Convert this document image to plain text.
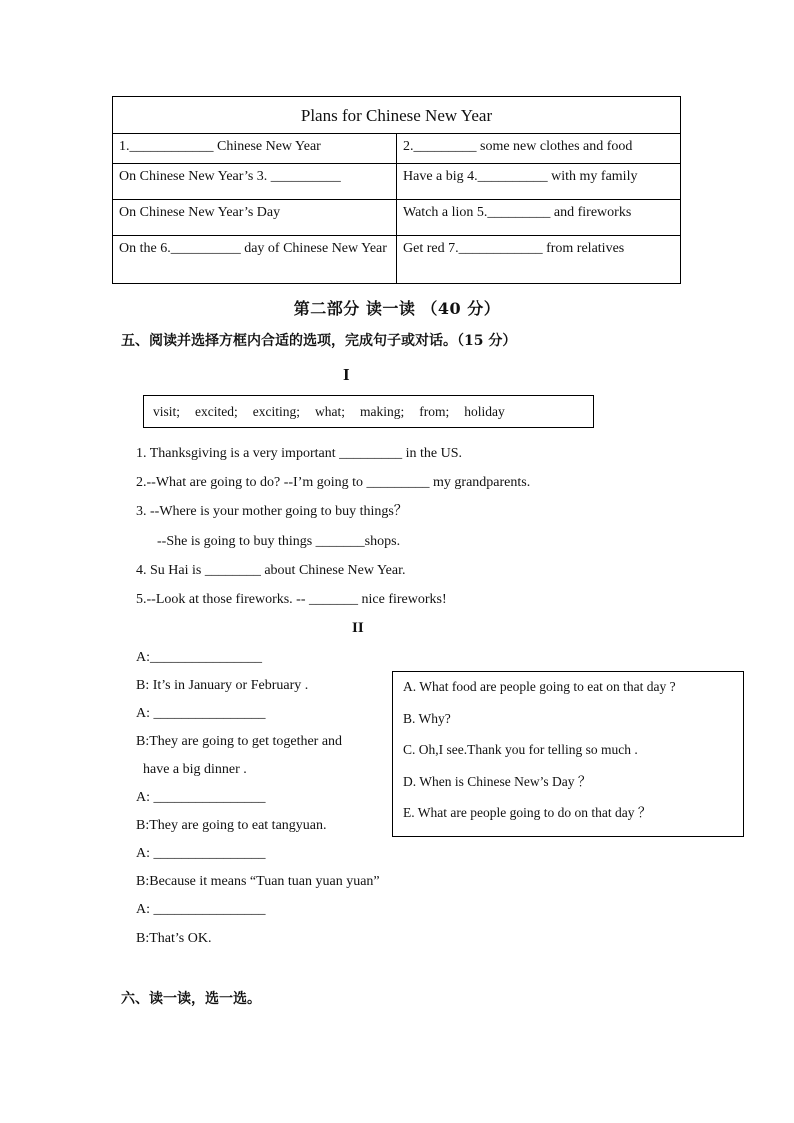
Plans for Chinese New Year	
1.____________ Chinese New Year	2._________ some new clothes and food
On Chinese New Year’s 3. __________	Have a big 4.__________ with my family
On Chinese New Year’s Day	Watch a lion 5._________ and fireworks
On the 6.__________ day of Chinese New Year	Get red 7.____________ from relatives
第二部分 读一读 （40 分）
五、阅读并选择方框内合适的选项，完成句子或对话。（15 分）
I
visit; excited; exciting; what; making; from; holiday
1. Thanksgiving is a very important _________ in the US.
2.--What are going to do? --I’m going to _________ my grandparents.
3. --Where is your mother going to buy things？
--She is going to buy things _______shops.
4. Su Hai is ________ about Chinese New Year.
5.--Look at those fireworks. -- _______ nice fireworks!
II
A:________________
B: It’s in January or February .
A: ________________
B:They are going to get together and
have a big dinner .
A: ________________
B:They are going to eat tangyuan.
A: ________________
B:Because it means “Tuan tuan yuan yuan”
A: ________________
B:That’s OK.
A. What food are people going to eat on that day ?
B. Why?
C. Oh,I see.Thank you for telling so much .
D. When is Chinese New’s Day ？
E. What are people going to do on that day ？
六、读一读，选一选。
